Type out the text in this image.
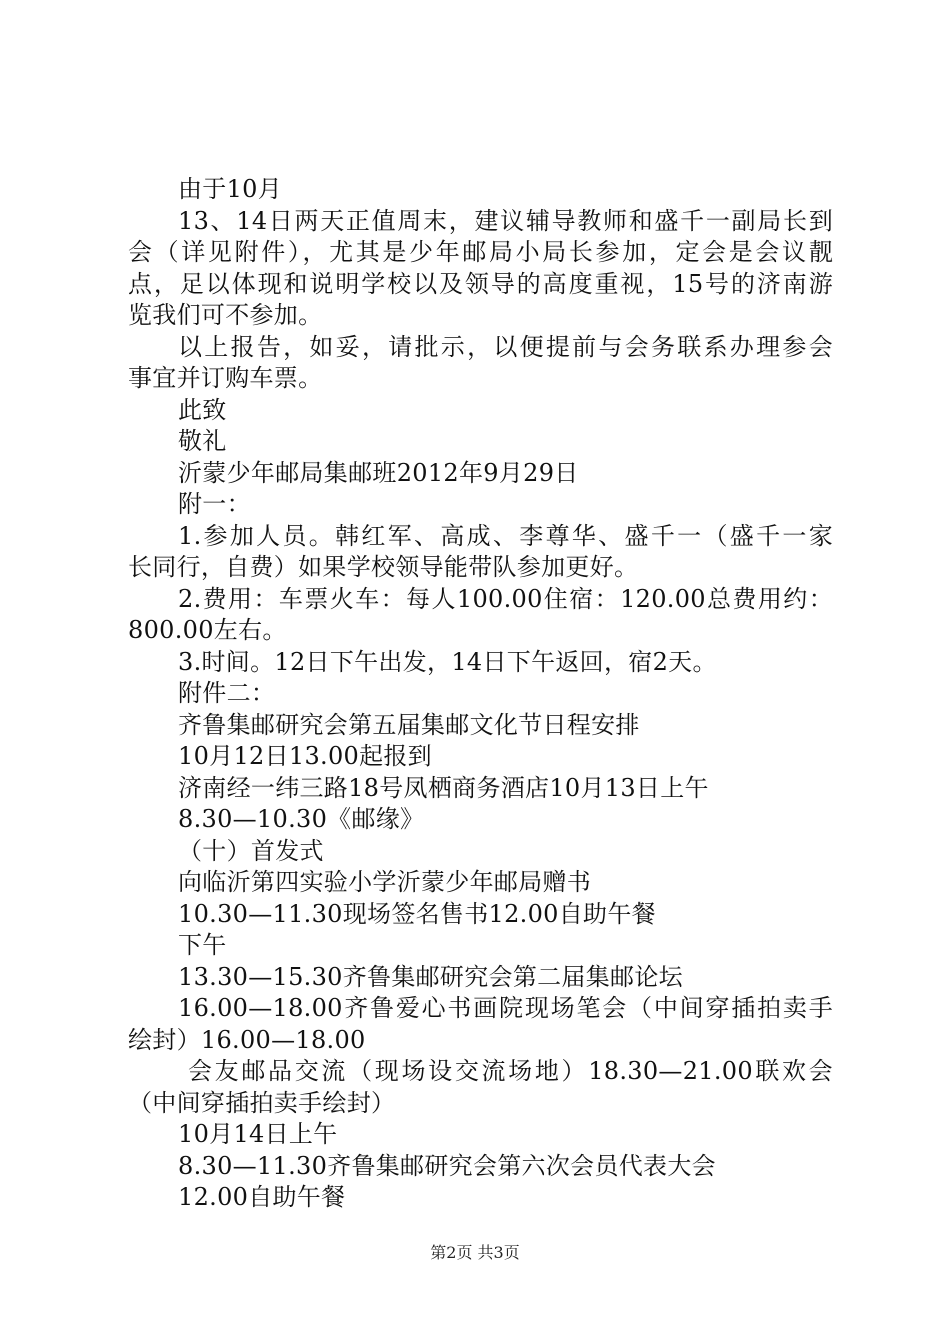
由于10月
13、14日两天正值周末，建议辅导教师和盛千一副局长到
会（详见附件），尤其是少年邮局小局长参加，定会是会议靓
点，足以体现和说明学校以及领导的高度重视，15号的济南游
览我们可不参加。
以上报告，如妥，请批示，以便提前与会务联系办理参会
事宜并订购车票。
此致
敬礼
沂蒙少年邮局集邮班2012年9月29日
附一：
1.参加人员。韩红军、高成、李尊华、盛千一（盛千一家
长同行，自费）如果学校领导能带队参加更好。
2.费用：车票火车：每人100.00住宿：120.00总费用约：
800.00左右。
3.时间。12日下午出发，14日下午返回，宿2天。
附件二：
齐鲁集邮研究会第五届集邮文化节日程安排
10月12日13.00起报到
济南经一纬三路18号凤栖商务酒店10月13日上午
8.30—10.30《邮缘》
（十）首发式
向临沂第四实验小学沂蒙少年邮局赠书
10.30—11.30现场签名售书12.00自助午餐
下午
13.30—15.30齐鲁集邮研究会第二届集邮论坛
16.00—18.00齐鲁爱心书画院现场笔会（中间穿插拍卖手
绘封）16.00—18.00
会友邮品交流（现场设交流场地）18.30—21.00联欢会
（中间穿插拍卖手绘封）
10月14日上午
8.30—11.30齐鲁集邮研究会第六次会员代表大会
12.00自助午餐
第2页 共3页
